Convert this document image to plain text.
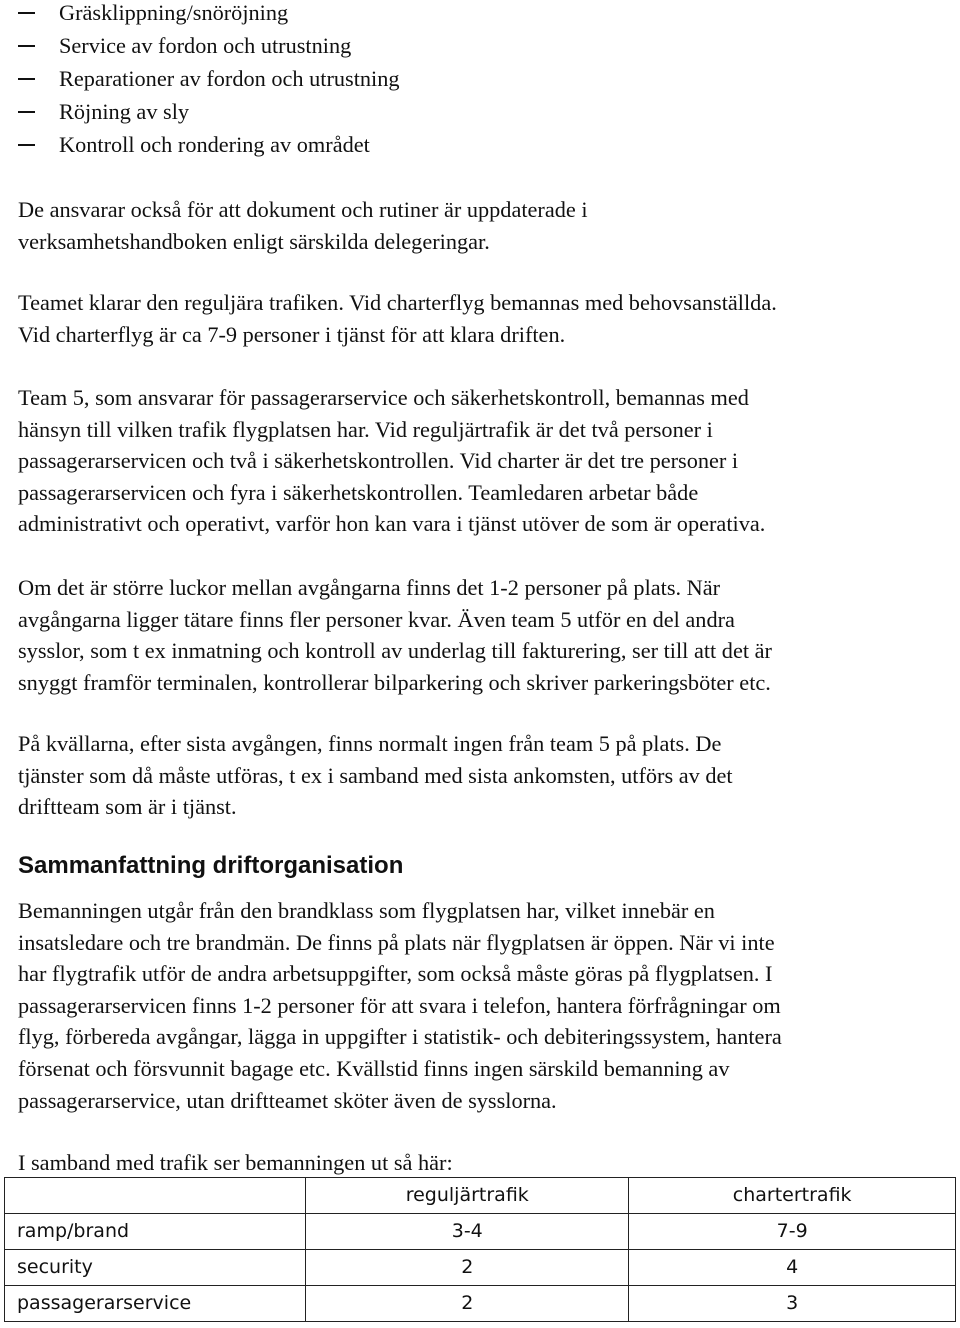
Gräsklippning/snöröjning
Service av fordon och utrustning
Reparationer av fordon och utrustning
Röjning av sly
Kontroll och rondering av området

De ansvarar också för att dokument och rutiner är uppdaterade i
verksamhetshandboken enligt särskilda delegeringar.

Teamet klarar den reguljära trafiken. Vid charterflyg bemannas med behovsanställda.
Vid charterflyg är ca 7-9 personer i tjänst för att klara driften.

Team 5, som ansvarar för passagerarservice och säkerhetskontroll, bemannas med
hänsyn till vilken trafik flygplatsen har. Vid reguljärtrafik är det två personer i
passagerarservicen och två i säkerhetskontrollen. Vid charter är det tre personer i
passagerarservicen och fyra i säkerhetskontrollen. Teamledaren arbetar både
administrativt och operativt, varför hon kan vara i tjänst utöver de som är operativa.

Om det är större luckor mellan avgångarna finns det 1-2 personer på plats. När
avgångarna ligger tätare finns fler personer kvar. Även team 5 utför en del andra
sysslor, som t ex inmatning och kontroll av underlag till fakturering, ser till att det är
snyggt framför terminalen, kontrollerar bilparkering och skriver parkeringsböter etc.

På kvällarna, efter sista avgången, finns normalt ingen från team 5 på plats. De
tjänster som då måste utföras, t ex i samband med sista ankomsten, utförs av det
driftteam som är i tjänst.

Sammanfattning driftorganisation

Bemanningen utgår från den brandklass som flygplatsen har, vilket innebär en
insatsledare och tre brandmän. De finns på plats när flygplatsen är öppen. När vi inte
har flygtrafik utför de andra arbetsuppgifter, som också måste göras på flygplatsen. I
passagerarservicen finns 1-2 personer för att svara i telefon, hantera förfrågningar om
flyg, förbereda avgångar, lägga in uppgifter i statistik- och debiteringssystem, hantera
försenat och försvunnit bagage etc. Kvällstid finns ingen särskild bemanning av
passagerarservice, utan driftteamet sköter även de sysslorna.

I samband med trafik ser bemanningen ut så här:

	reguljärtrafik	chartertrafik
ramp/brand	3-4	7-9
security	2	4
passagerarservice	2	3
